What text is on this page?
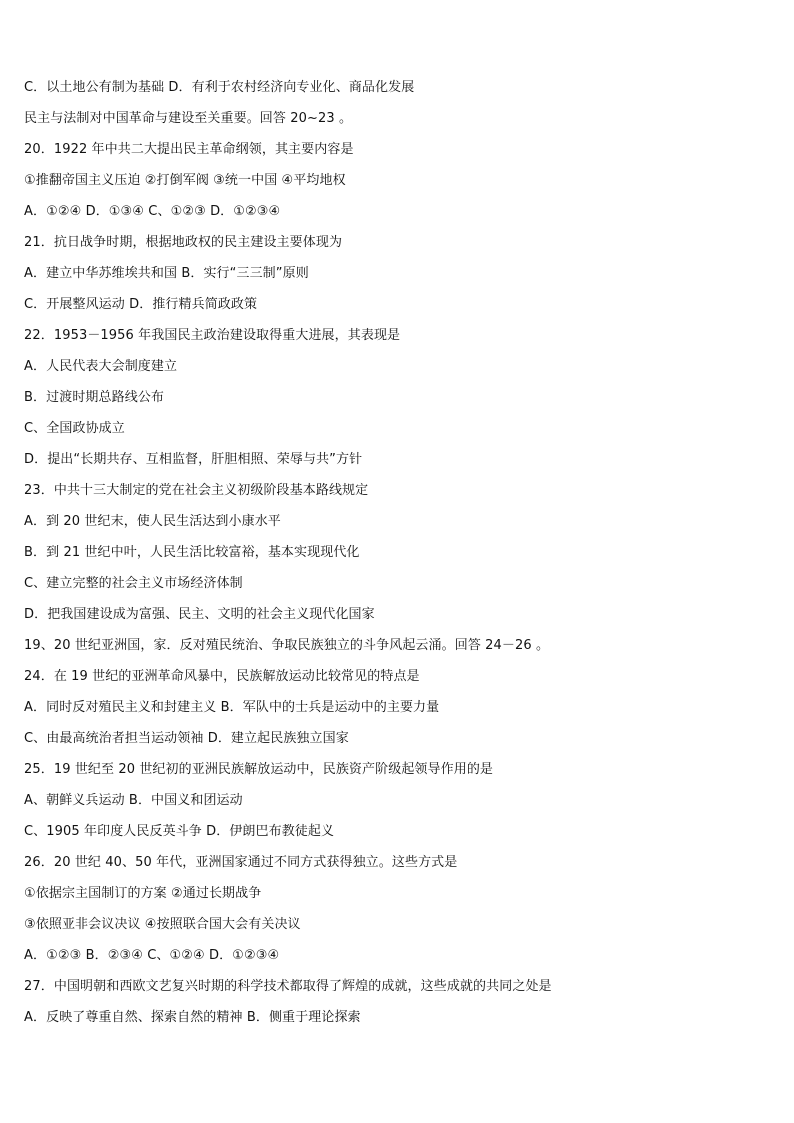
C．以土地公有制为基础 D．有利于农村经济向专业化、商品化发展
民主与法制对中国革命与建设至关重要。回答 20~23 。
20．1922 年中共二大提出民主革命纲领，其主要内容是
①推翻帝国主义压迫 ②打倒军阀 ③统一中国 ④平均地权
A．①②④ D．①③④ C、①②③ D．①②③④
21．抗日战争时期，根据地政权的民主建设主要体现为
A．建立中华苏维埃共和国 B．实行“三三制”原则
C．开展整风运动 D．推行精兵简政政策
22．1953－1956 年我国民主政治建设取得重大进展，其表现是
A．人民代表大会制度建立
B．过渡时期总路线公布
C、全国政协成立
D．提出“长期共存、互相监督，肝胆相照、荣辱与共”方针
23．中共十三大制定的党在社会主义初级阶段基本路线规定
A．到 20 世纪末，使人民生活达到小康水平
B．到 21 世纪中叶，人民生活比较富裕，基本实现现代化
C、建立完整的社会主义市场经济体制
D．把我国建设成为富强、民主、文明的社会主义现代化国家
19、20 世纪亚洲国，家．反对殖民统治、争取民族独立的斗争风起云涌。回答 24－26 。
24．在 19 世纪的亚洲革命风暴中，民族解放运动比较常见的特点是
A．同时反对殖民主义和封建主义 B．军队中的士兵是运动中的主要力量
C、由最高统治者担当运动领袖 D．建立起民族独立国家
25．19 世纪至 20 世纪初的亚洲民族解放运动中，民族资产阶级起领导作用的是
A、朝鲜义兵运动 B．中国义和团运动
C、1905 年印度人民反英斗争 D．伊朗巴布教徒起义
26．20 世纪 40、50 年代，亚洲国家通过不同方式获得独立。这些方式是
①依据宗主国制订的方案 ②通过长期战争
③依照亚非会议决议 ④按照联合国大会有关决议
A．①②③ B．②③④ C、①②④ D．①②③④
27．中国明朝和西欧文艺复兴时期的科学技术都取得了辉煌的成就，这些成就的共同之处是
A．反映了尊重自然、探索自然的精神 B．侧重于理论探索
